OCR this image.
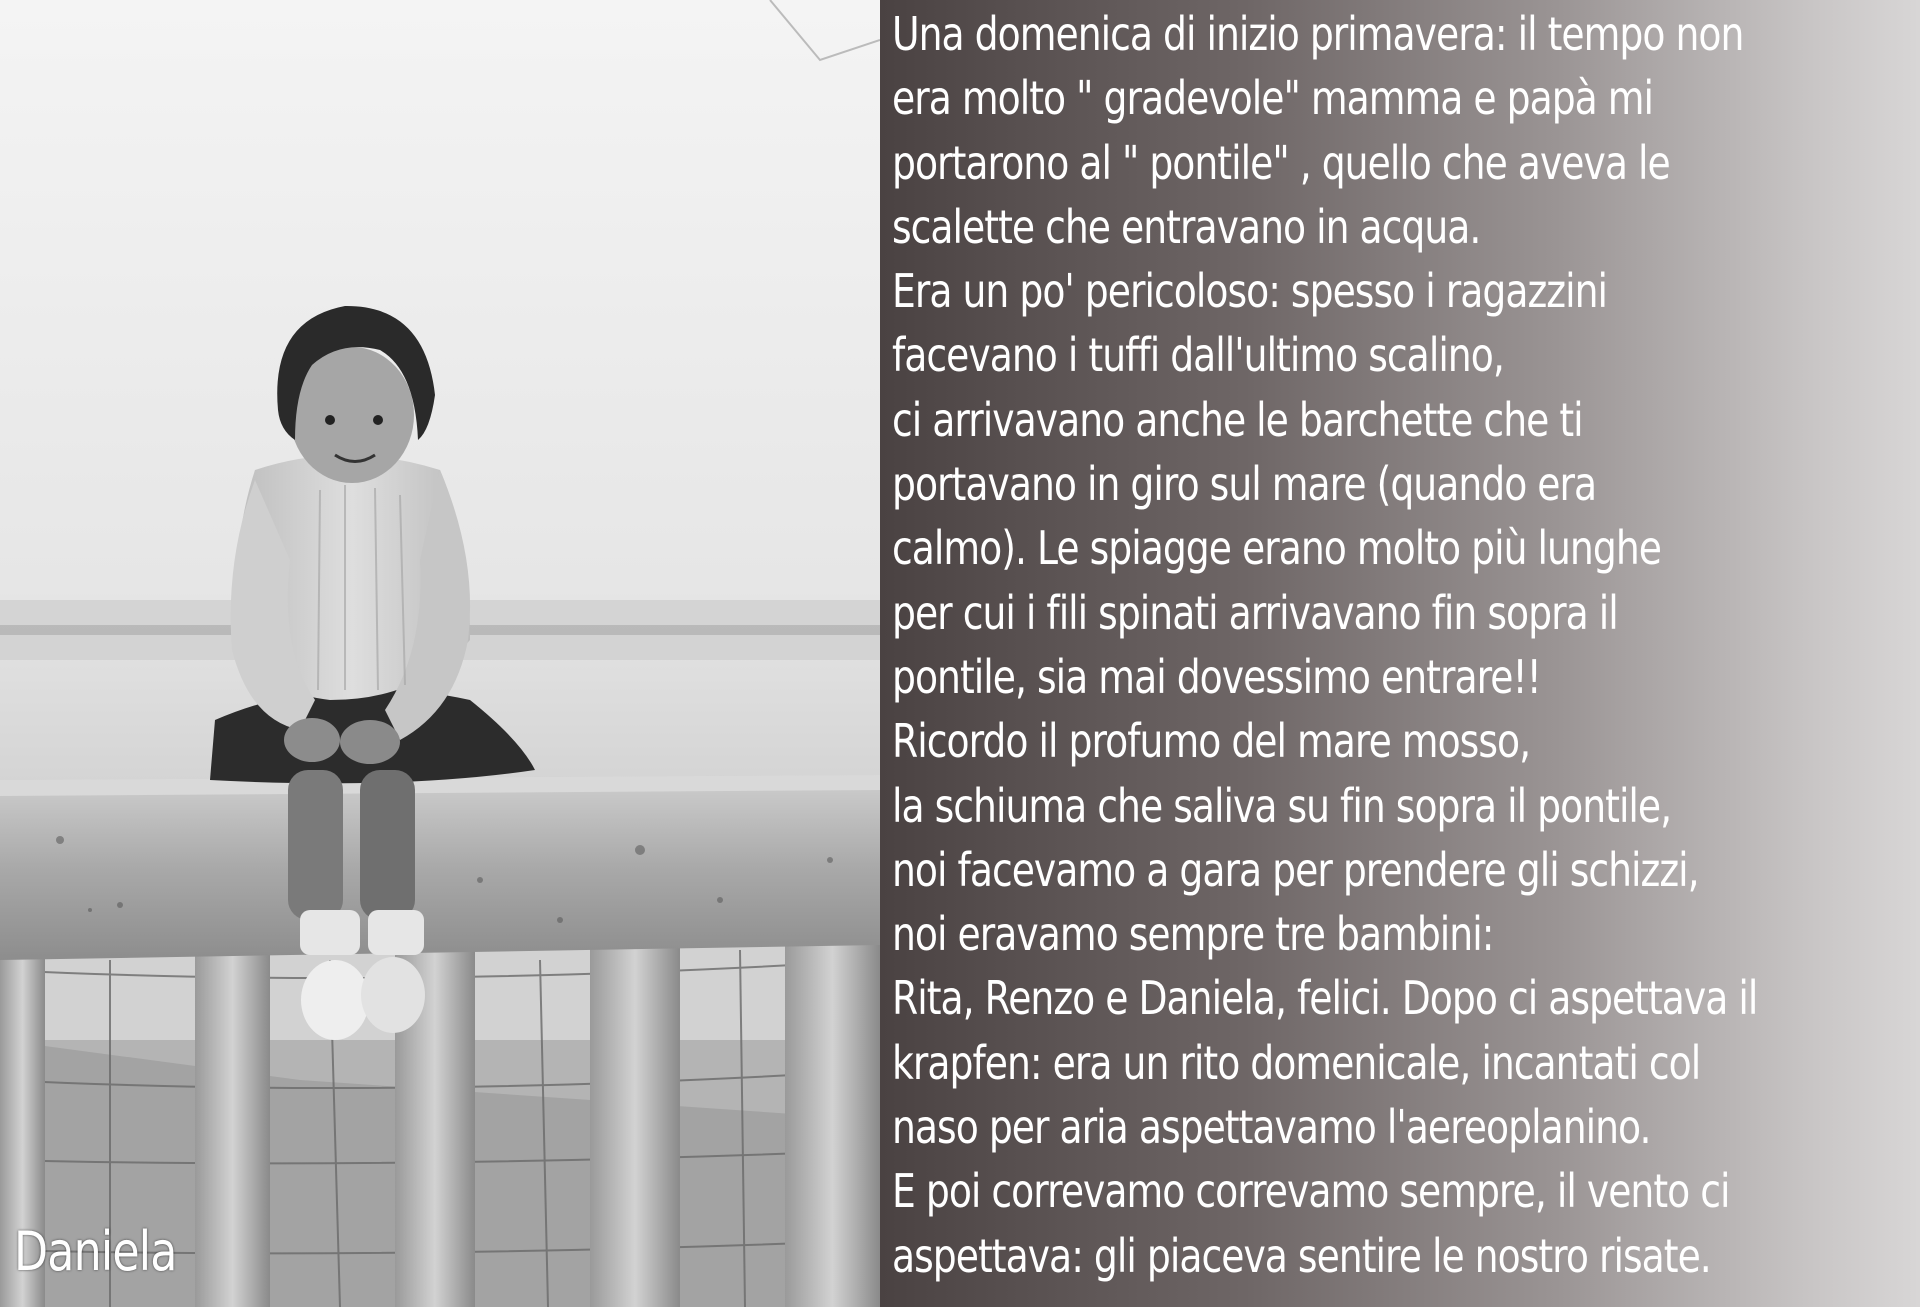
Daniela
Una domenica di inizio primavera: il tempo non
era molto " gradevole" mamma e papà mi
portarono al " pontile" , quello che aveva le
scalette che entravano in acqua.
Era un po' pericoloso: spesso i ragazzini
facevano i tuffi dall'ultimo scalino,
ci arrivavano anche le barchette che ti
portavano in giro sul mare (quando era
calmo). Le spiagge erano molto più lunghe
per cui i fili spinati arrivavano fin sopra il
pontile, sia mai dovessimo entrare!!
Ricordo il profumo del mare mosso,
la schiuma che saliva su fin sopra il pontile,
noi facevamo a gara per prendere gli schizzi,
noi eravamo sempre tre bambini:
Rita, Renzo e Daniela, felici. Dopo ci aspettava il
krapfen: era un rito domenicale, incantati col
naso per aria aspettavamo l'aereoplanino.
E poi correvamo correvamo sempre, il vento ci
aspettava: gli piaceva sentire le nostro risate.
